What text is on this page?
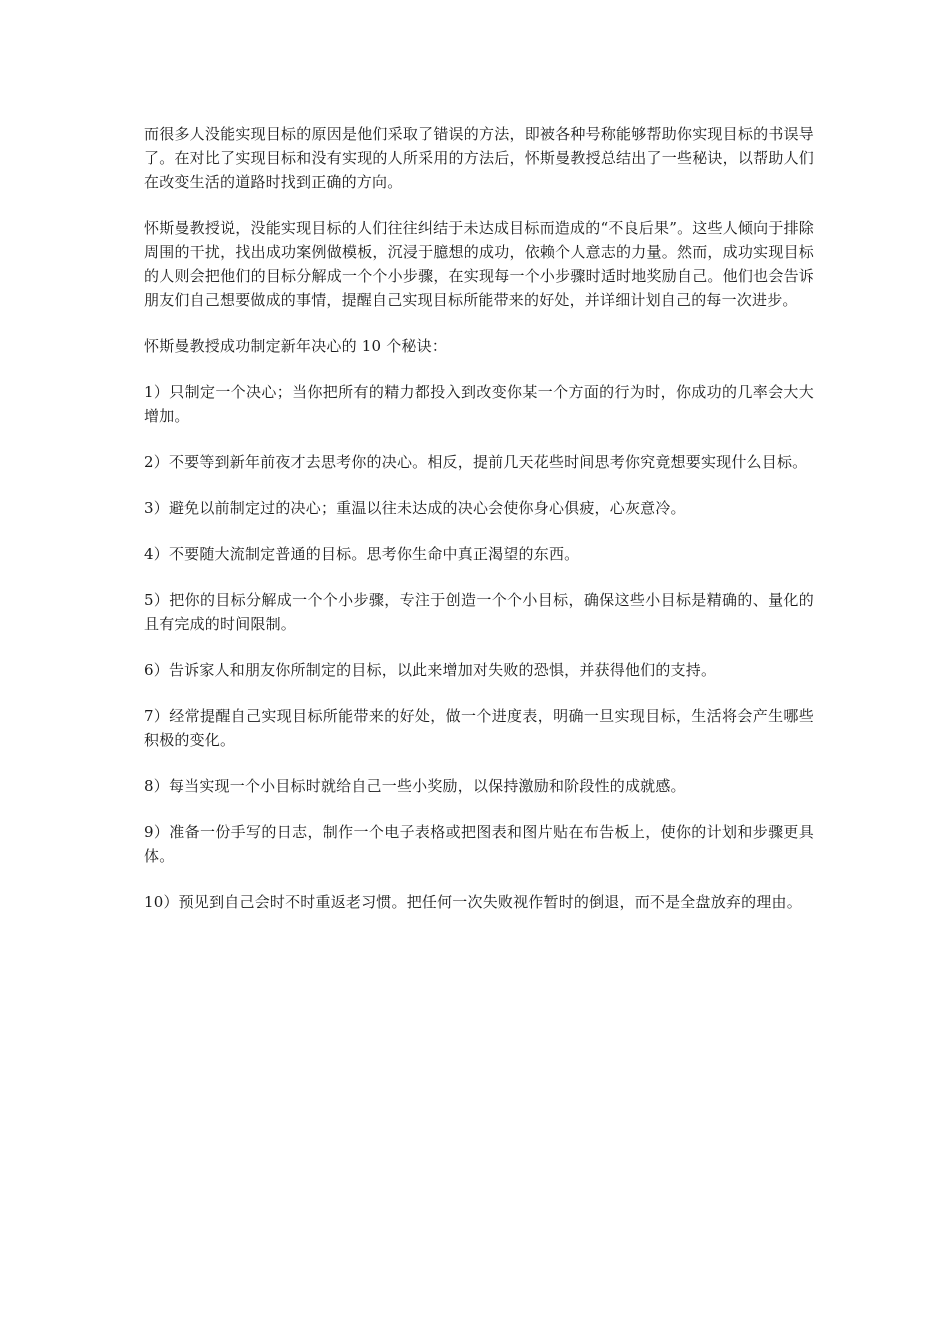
而很多人没能实现目标的原因是他们采取了错误的方法，即被各种号称能够帮助你实现目标的书误导了。在对比了实现目标和没有实现的人所采用的方法后，怀斯曼教授总结出了一些秘诀，以帮助人们在改变生活的道路时找到正确的方向。

怀斯曼教授说，没能实现目标的人们往往纠结于未达成目标而造成的“不良后果”。这些人倾向于排除周围的干扰，找出成功案例做模板，沉浸于臆想的成功，依赖个人意志的力量。然而，成功实现目标的人则会把他们的目标分解成一个个小步骤，在实现每一个小步骤时适时地奖励自己。他们也会告诉朋友们自己想要做成的事情，提醒自己实现目标所能带来的好处，并详细计划自己的每一次进步。

怀斯曼教授成功制定新年决心的 10 个秘诀：

1）只制定一个决心；当你把所有的精力都投入到改变你某一个方面的行为时，你成功的几率会大大增加。
2）不要等到新年前夜才去思考你的决心。相反，提前几天花些时间思考你究竟想要实现什么目标。
3）避免以前制定过的决心；重温以往未达成的决心会使你身心俱疲，心灰意冷。
4）不要随大流制定普通的目标。思考你生命中真正渴望的东西。
5）把你的目标分解成一个个小步骤，专注于创造一个个小目标，确保这些小目标是精确的、量化的且有完成的时间限制。
6）告诉家人和朋友你所制定的目标，以此来增加对失败的恐惧，并获得他们的支持。
7）经常提醒自己实现目标所能带来的好处，做一个进度表，明确一旦实现目标，生活将会产生哪些积极的变化。
8）每当实现一个小目标时就给自己一些小奖励，以保持激励和阶段性的成就感。
9）准备一份手写的日志，制作一个电子表格或把图表和图片贴在布告板上，使你的计划和步骤更具体。
10）预见到自己会时不时重返老习惯。把任何一次失败视作暂时的倒退，而不是全盘放弃的理由。
